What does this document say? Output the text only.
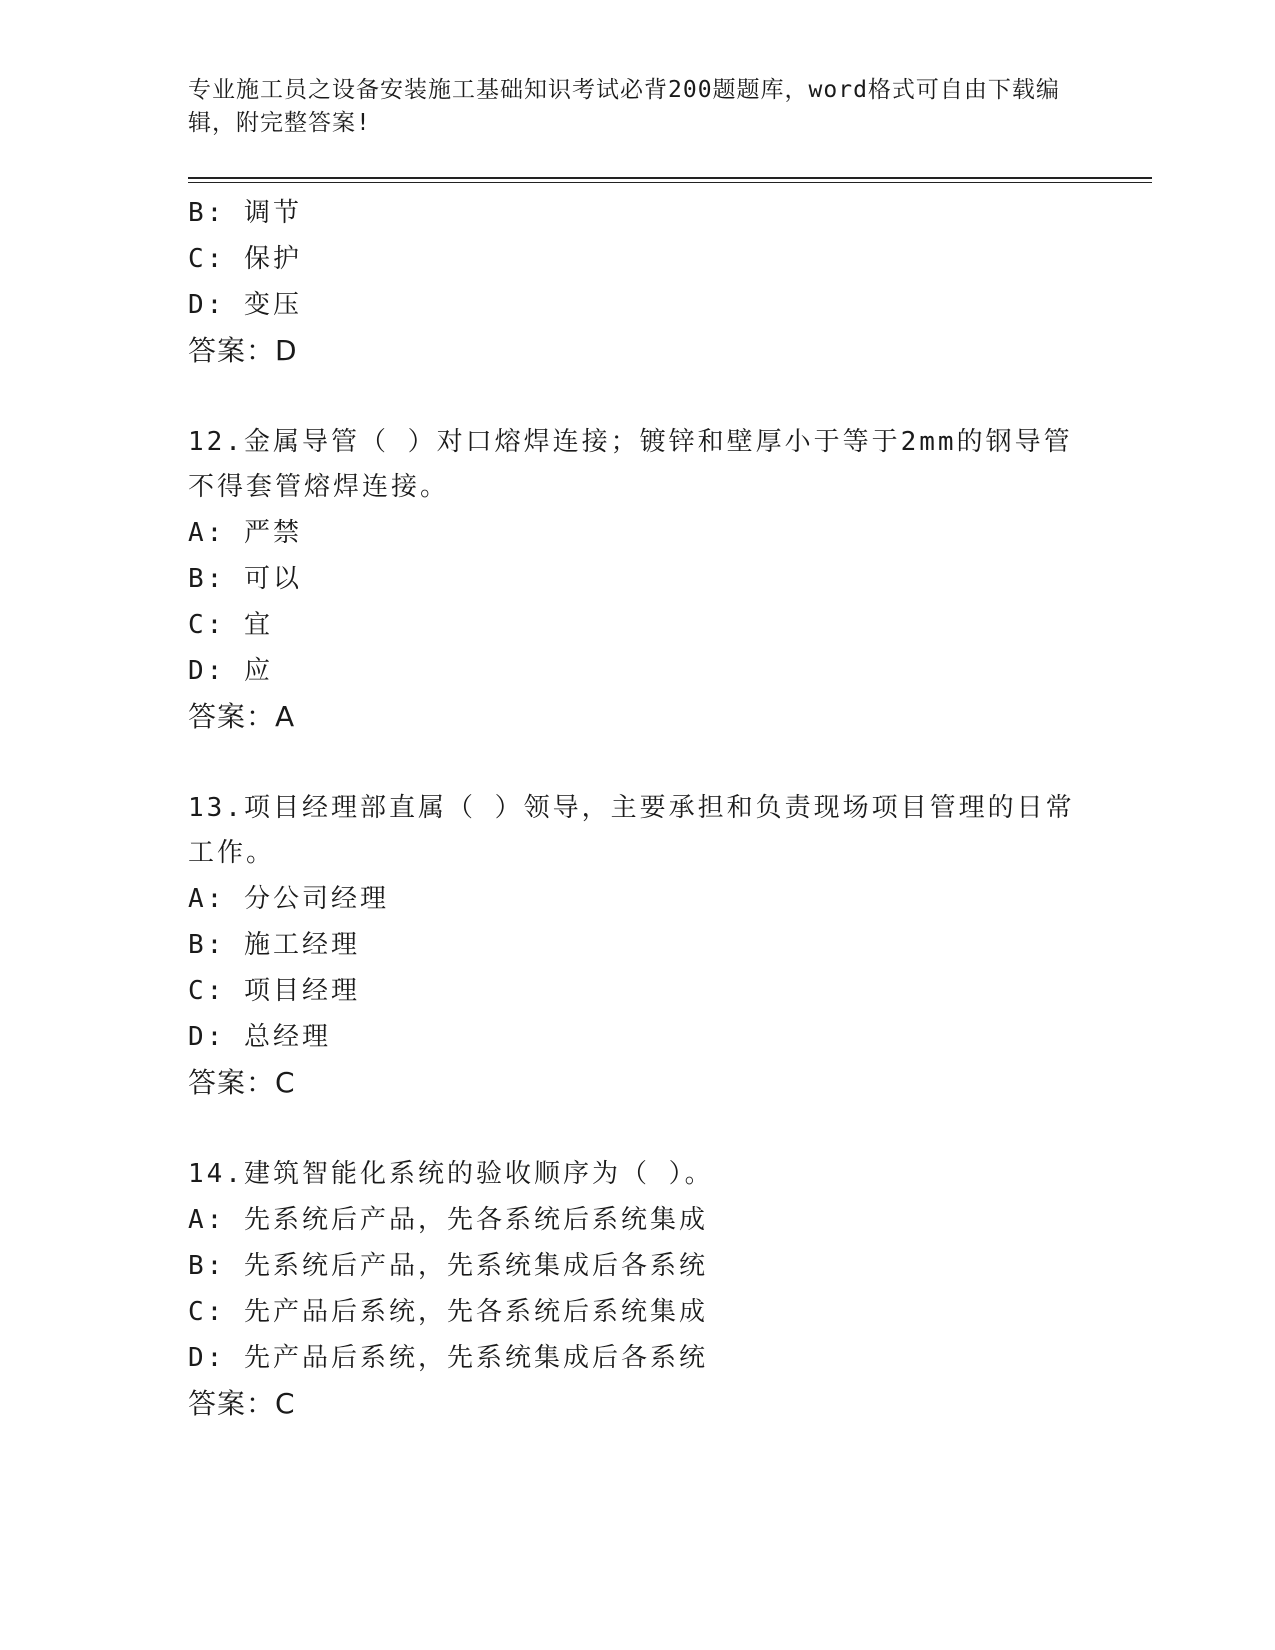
专业施工员之设备安装施工基础知识考试必背200题题库，word格式可自由下载编辑，附完整答案!
B: 调节
C: 保护
D: 变压
答案：D
12.金属导管（ ）对口熔焊连接；镀锌和壁厚小于等于2mm的钢导管不得套管熔焊连接。
A: 严禁
B: 可以
C: 宜
D: 应
答案：A
13.项目经理部直属（ ）领导，主要承担和负责现场项目管理的日常工作。
A: 分公司经理
B: 施工经理
C: 项目经理
D: 总经理
答案：C
14.建筑智能化系统的验收顺序为（ ）。
A: 先系统后产品，先各系统后系统集成
B: 先系统后产品，先系统集成后各系统
C: 先产品后系统，先各系统后系统集成
D: 先产品后系统，先系统集成后各系统
答案：C
